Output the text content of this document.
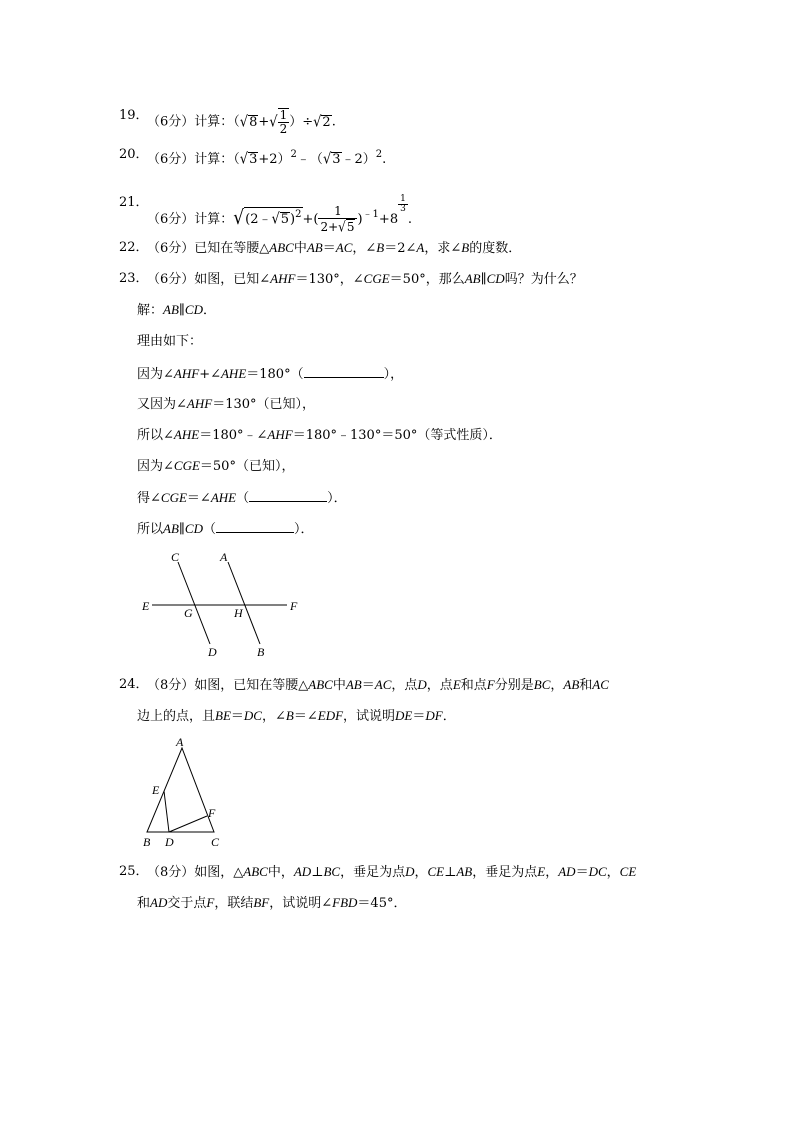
19．
（6分）计算：$(√8+√ \frac{1}{2} )\div√2$.
20．
（6分）计算：$(√3+2)^2﹣(√3﹣2)^2$.
21．
（6分）计算：√(2﹣√5)$^2$+( $\frac{1}{2+√5} )^{﹣1}+8$
$\frac{1}{3}$
.
22．
（6分）已知在等腰△ABC中AB＝AC，∠B＝2∠A，求∠B的度数．
23．
（6分）如图，已知∠AHF＝130°，∠CGE＝50°，那么AB∥CD吗？为什么？
解：AB∥CD．
理由如下：
因为∠AHF+∠AHE＝180°（	），
又因为∠AHF＝130°（已知），
所以∠AHE＝180°﹣∠AHF＝180°﹣130°＝50°（等式性质）．
因为∠CGE＝50°（已知），
得∠CGE＝∠AHE（	）．
所以AB∥CD（	）．
C	A
E	G	H	F
D	B
24．
（8分）如图，已知在等腰△ABC中AB＝AC，点D，点E和点F分别是BC，AB和AC
边上的点，且BE＝DC，∠B＝∠EDF，试说明DE＝DF．
A
E
F
B D	C
25．
（8分）如图，△ABC中，AD⊥BC，垂足为点D，CE⊥AB，垂足为点E，AD＝DC，CE
和AD交于点F，联结BF，试说明∠FBD＝45°．
